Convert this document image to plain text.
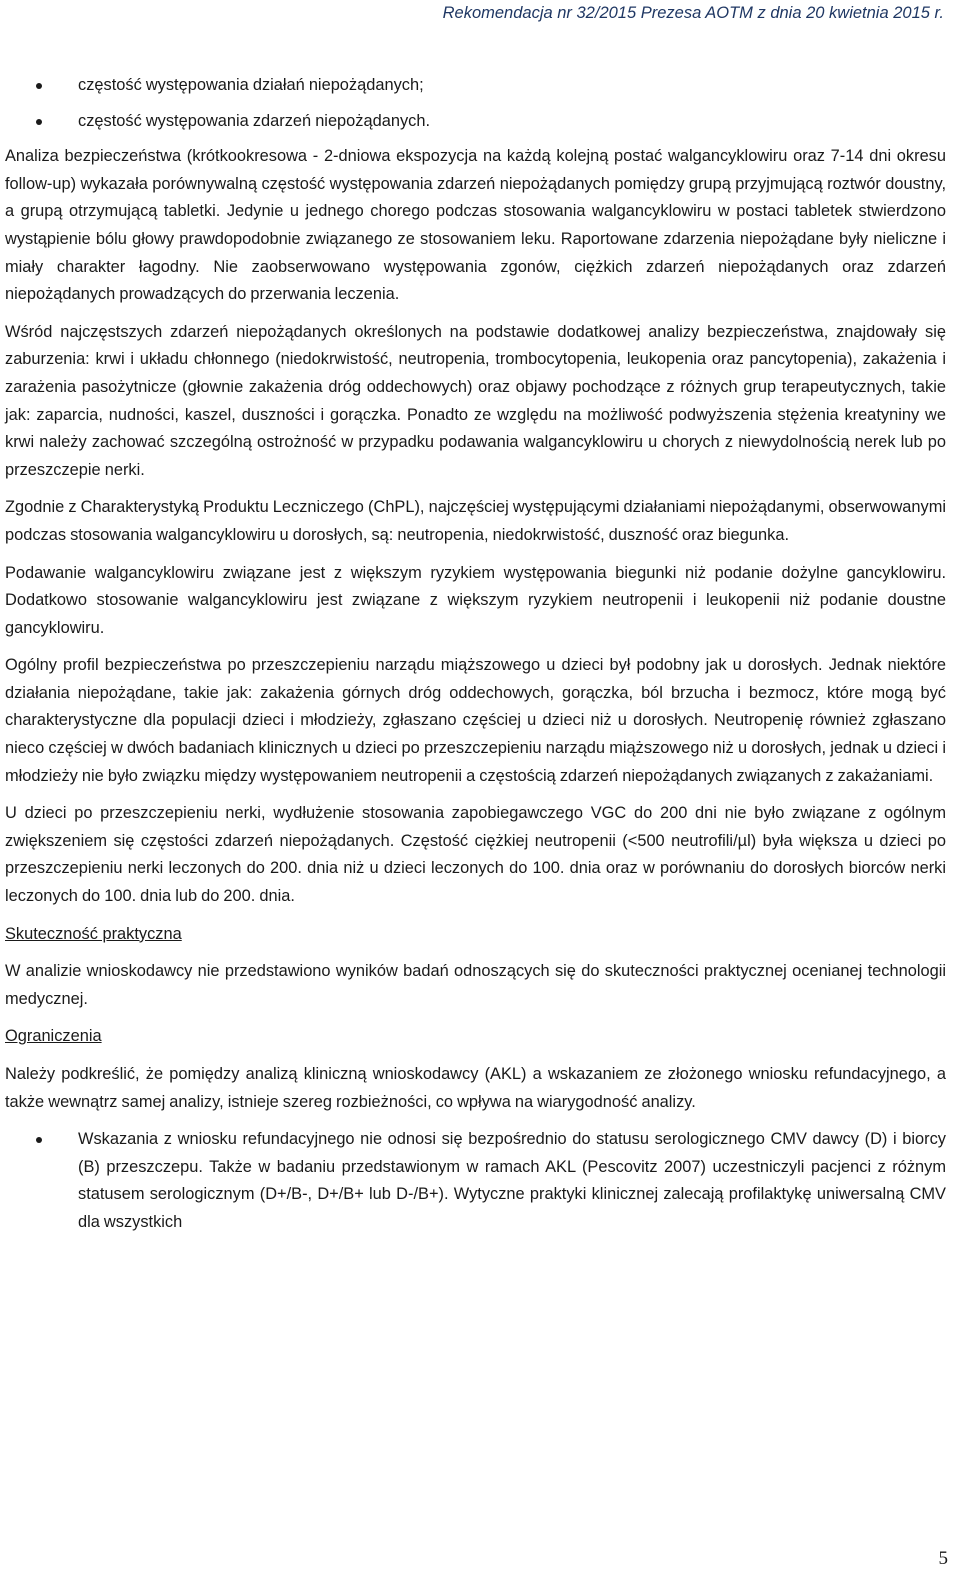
Rekomendacja nr 32/2015 Prezesa AOTM z dnia 20 kwietnia 2015 r.
częstość występowania działań niepożądanych;
częstość występowania zdarzeń niepożądanych.

Analiza bezpieczeństwa (krótkookresowa - 2-dniowa ekspozycja na każdą kolejną postać walgancyklowiru oraz 7-14 dni okresu follow-up) wykazała porównywalną częstość występowania zdarzeń niepożądanych pomiędzy grupą przyjmującą roztwór doustny, a grupą otrzymującą tabletki. Jedynie u jednego chorego podczas stosowania walgancyklowiru w postaci tabletek stwierdzono wystąpienie bólu głowy prawdopodobnie związanego ze stosowaniem leku. Raportowane zdarzenia niepożądane były nieliczne i miały charakter łagodny. Nie zaobserwowano występowania zgonów, ciężkich zdarzeń niepożądanych oraz zdarzeń niepożądanych prowadzących do przerwania leczenia.

Wśród najczęstszych zdarzeń niepożądanych określonych na podstawie dodatkowej analizy bezpieczeństwa, znajdowały się zaburzenia: krwi i układu chłonnego (niedokrwistość, neutropenia, trombocytopenia, leukopenia oraz pancytopenia), zakażenia i zarażenia pasożytnicze (głownie zakażenia dróg oddechowych) oraz objawy pochodzące z różnych grup terapeutycznych, takie jak: zaparcia, nudności, kaszel, duszności i gorączka. Ponadto ze względu na możliwość podwyższenia stężenia kreatyniny we krwi należy zachować szczególną ostrożność w przypadku podawania walgancyklowiru u chorych z niewydolnością nerek lub po przeszczepie nerki.

Zgodnie z Charakterystyką Produktu Leczniczego (ChPL), najczęściej występującymi działaniami niepożądanymi, obserwowanymi podczas stosowania walgancyklowiru u dorosłych, są: neutropenia, niedokrwistość, duszność oraz biegunka.

Podawanie walgancyklowiru związane jest z większym ryzykiem występowania biegunki niż podanie dożylne gancyklowiru. Dodatkowo stosowanie walgancyklowiru jest związane z większym ryzykiem neutropenii i leukopenii niż podanie doustne gancyklowiru.

Ogólny profil bezpieczeństwa po przeszczepieniu narządu miąższowego u dzieci był podobny jak u dorosłych. Jednak niektóre działania niepożądane, takie jak: zakażenia górnych dróg oddechowych, gorączka, ból brzucha i bezmocz, które mogą być charakterystyczne dla populacji dzieci i młodzieży, zgłaszano częściej u dzieci niż u dorosłych. Neutropenię również zgłaszano nieco częściej w dwóch badaniach klinicznych u dzieci po przeszczepieniu narządu miąższowego niż u dorosłych, jednak u dzieci i młodzieży nie było związku między występowaniem neutropenii a częstością zdarzeń niepożądanych związanych z zakażaniami.

U dzieci po przeszczepieniu nerki, wydłużenie stosowania zapobiegawczego VGC do 200 dni nie było związane z ogólnym zwiększeniem się częstości zdarzeń niepożądanych. Częstość ciężkiej neutropenii (<500 neutrofili/µl) była większa u dzieci po przeszczepieniu nerki leczonych do 200. dnia niż u dzieci leczonych do 100. dnia oraz w porównaniu do dorosłych biorców nerki leczonych do 100. dnia lub do 200. dnia.

Skuteczność praktyczna

W analizie wnioskodawcy nie przedstawiono wyników badań odnoszących się do skuteczności praktycznej ocenianej technologii medycznej.

Ograniczenia

Należy podkreślić, że pomiędzy analizą kliniczną wnioskodawcy (AKL) a wskazaniem ze złożonego wniosku refundacyjnego, a także wewnątrz samej analizy, istnieje szereg rozbieżności, co wpływa na wiarygodność analizy.

Wskazania z wniosku refundacyjnego nie odnosi się bezpośrednio do statusu serologicznego CMV dawcy (D) i biorcy (B) przeszczepu. Także w badaniu przedstawionym w ramach AKL (Pescovitz 2007) uczestniczyli pacjenci z różnym statusem serologicznym (D+/B-, D+/B+ lub D-/B+). Wytyczne praktyki klinicznej zalecają profilaktykę uniwersalną CMV dla wszystkich
5
